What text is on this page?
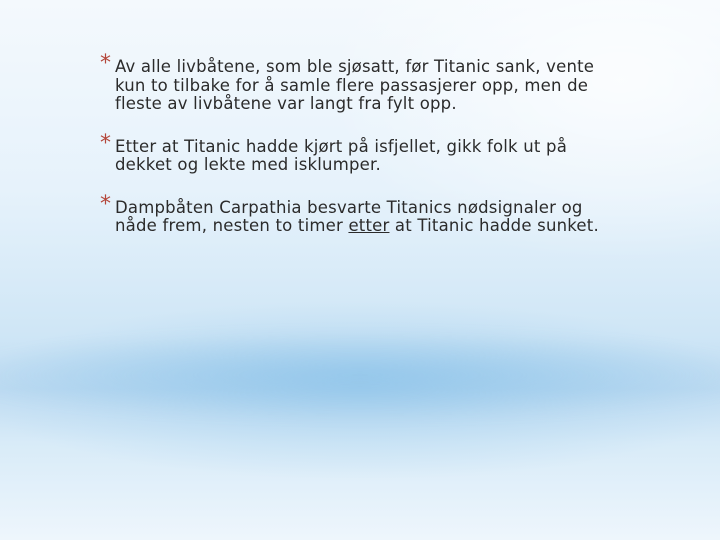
* Av alle livbåtene, som ble sjøsatt, før Titanic sank, vente kun to tilbake for å samle flere passasjerer opp, men de fleste av livbåtene var langt fra fylt opp.
* Etter at Titanic hadde kjørt på isfjellet, gikk folk ut på dekket og lekte med isklumper.
* Dampbåten Carpathia besvarte Titanics nødsignaler og nåde frem, nesten to timer etter at Titanic hadde sunket.
